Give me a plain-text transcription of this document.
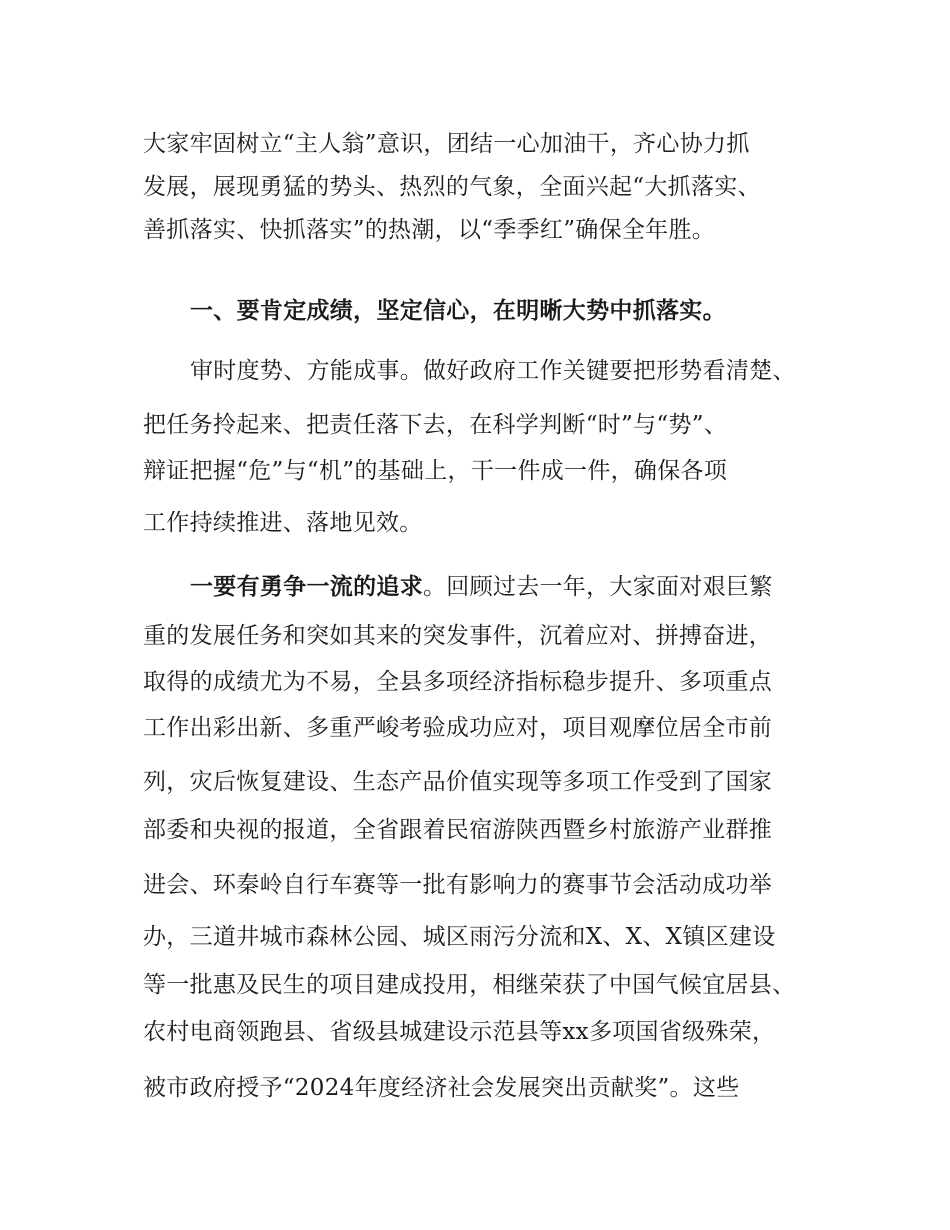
大家牢固树立“主人翁”意识，团结一心加油干，齐心协力抓
发展，展现勇猛的势头、热烈的气象，全面兴起“大抓落实、
善抓落实、快抓落实”的热潮，以“季季红”确保全年胜。
一、要肯定成绩，坚定信心，在明晰大势中抓落实。
审时度势、方能成事。做好政府工作关键要把形势看清楚、
把任务拎起来、把责任落下去，在科学判断“时”与“势”、
辩证把握“危”与“机”的基础上，干一件成一件，确保各项
工作持续推进、落地见效。
一要有勇争一流的追求。回顾过去一年，大家面对艰巨繁
重的发展任务和突如其来的突发事件，沉着应对、拼搏奋进，
取得的成绩尤为不易，全县多项经济指标稳步提升、多项重点
工作出彩出新、多重严峻考验成功应对，项目观摩位居全市前
列，灾后恢复建设、生态产品价值实现等多项工作受到了国家
部委和央视的报道，全省跟着民宿游陕西暨乡村旅游产业群推
进会、环秦岭自行车赛等一批有影响力的赛事节会活动成功举
办，三道井城市森林公园、城区雨污分流和X、X、X镇区建设
等一批惠及民生的项目建成投用，相继荣获了中国气候宜居县、
农村电商领跑县、省级县城建设示范县等xx多项国省级殊荣，
被市政府授予“2024年度经济社会发展突出贡献奖”。这些
